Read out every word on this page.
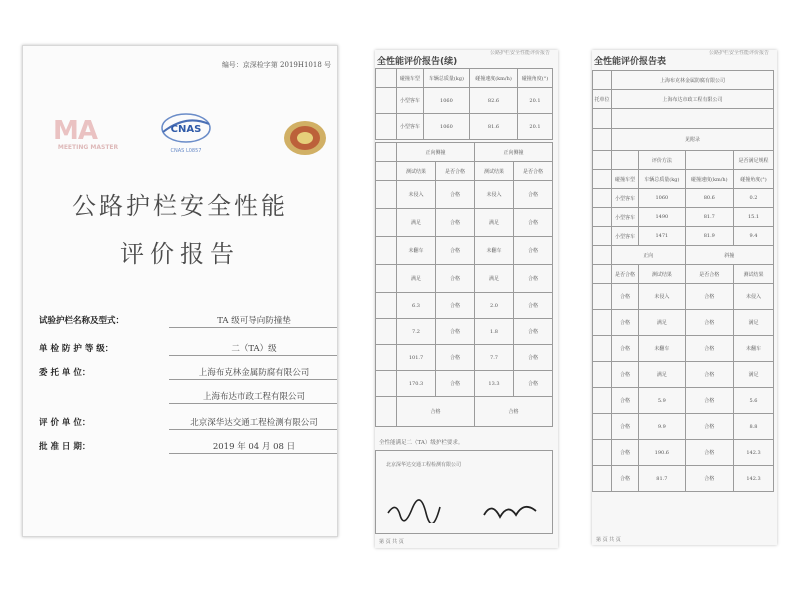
编号：京深检字第 2019H1018 号
MA
MEETING MASTER
CNAS
CNAS L0857
公路护栏安全性能
评价报告
试验护栏名称及型式：	TA 级可导向防撞垫
单 检 防 护 等 级：	二（TA）级
委 托 单 位：	上海布克林金属防腐有限公司
上海布达市政工程有限公司
评 价 单 位：	北京深华达交通工程检测有限公司
批 准 日 期：	2019 年 04 月 08 日
公路护栏安全性能评价报告
全性能评价报告(续)
	碰撞车型	车辆总质量(kg)	碰撞速度(km/h)	碰撞角度(°)
	小型客车	1060	82.6	20.1
	小型客车	1060	81.6	20.1
	正向侧撞		正向侧撞	
	测试结果	是否合格	测试结果	是否合格
	未侵入	合格	未侵入	合格
	满足	合格	满足	合格
	未翻车	合格	未翻车	合格
	满足	合格	满足	合格
	6.3	合格	2.0	合格
	7.2	合格	1.8	合格
	101.7	合格	7.7	合格
	170.3	合格	13.3	合格
	合格		合格	
全性能满足二（TA）级护栏要求。
北京深华达交通工程检测有限公司
第 页 共 页
公路护栏安全性能评价报告
全性能评价报告表
	上海布克林金属防腐有限公司			
托单位	上海布达市政工程有限公司			

	见附录			
		评价方法		是否满足规程
	碰撞车型	车辆总质量(kg)	碰撞速度(km/h)	碰撞角度(°)
	小型客车	1060	80.6	0.2
	小型客车	1490	81.7	15.1
	小型客车	1471	81.9	9.4
	正向		斜撞	
	是否合格	测试结果	是否合格	测试结果
	合格	未侵入	合格	未侵入
	合格	满足	合格	满足
	合格	未翻车	合格	未翻车
	合格	满足	合格	满足
	合格	5.9	合格	5.6
	合格	9.9	合格	8.8
	合格	190.6	合格	142.3
	合格	81.7	合格	142.3
第 页 共 页
